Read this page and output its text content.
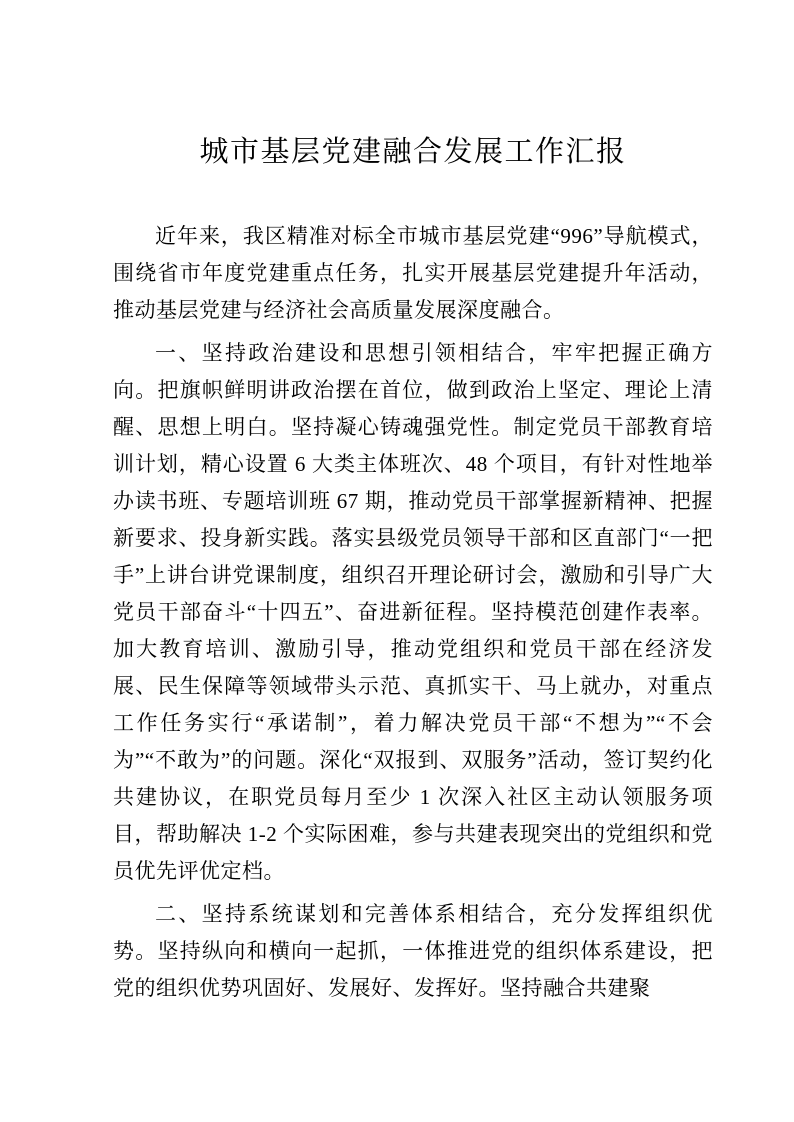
城市基层党建融合发展工作汇报

近年来，我区精准对标全市城市基层党建“996”导航模式，围绕省市年度党建重点任务，扎实开展基层党建提升年活动，推动基层党建与经济社会高质量发展深度融合。

一、坚持政治建设和思想引领相结合，牢牢把握正确方向。把旗帜鲜明讲政治摆在首位，做到政治上坚定、理论上清醒、思想上明白。坚持凝心铸魂强党性。制定党员干部教育培训计划，精心设置 6 大类主体班次、48 个项目，有针对性地举办读书班、专题培训班 67 期，推动党员干部掌握新精神、把握新要求、投身新实践。落实县级党员领导干部和区直部门“一把手”上讲台讲党课制度，组织召开理论研讨会，激励和引导广大党员干部奋斗“十四五”、奋进新征程。坚持模范创建作表率。加大教育培训、激励引导，推动党组织和党员干部在经济发展、民生保障等领域带头示范、真抓实干、马上就办，对重点工作任务实行“承诺制”，着力解决党员干部“不想为”“不会为”“不敢为”的问题。深化“双报到、双服务”活动，签订契约化共建协议，在职党员每月至少 1 次深入社区主动认领服务项目，帮助解决 1-2 个实际困难，参与共建表现突出的党组织和党员优先评优定档。

二、坚持系统谋划和完善体系相结合，充分发挥组织优势。坚持纵向和横向一起抓，一体推进党的组织体系建设，把党的组织优势巩固好、发展好、发挥好。坚持融合共建聚
